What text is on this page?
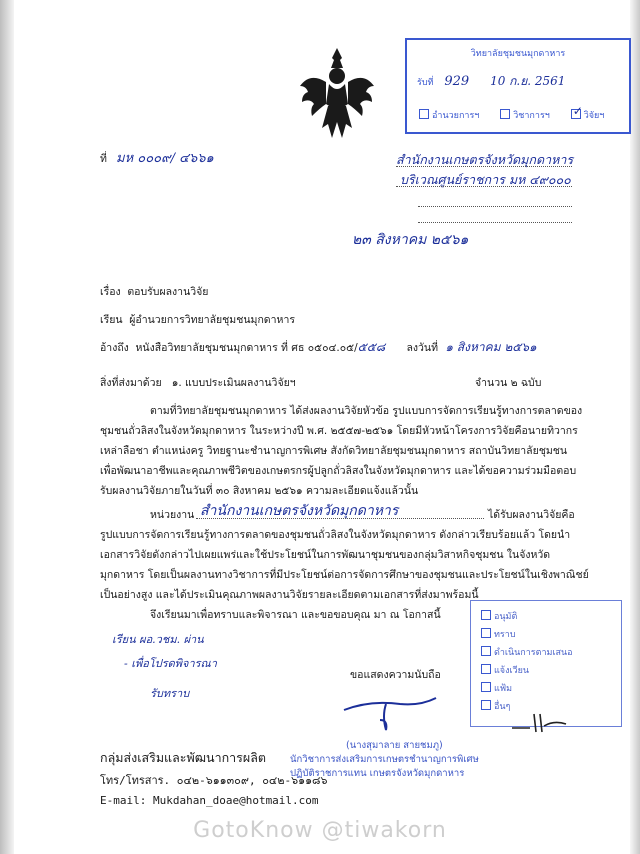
วิทยาลัยชุมชนมุกดาหาร
รับที่ 929 10 ก.ย. 2561
อำนวยการฯ	วิชาการฯ ✓ วิจัยฯ
ที่ มห ๐๐๐๙/ ๔๖๖๑	สำนักงานเกษตรจังหวัดมุกดาหาร
บริเวณศูนย์ราชการ มห ๔๙๐๐๐
๒๓ สิงหาคม ๒๕๖๑
เรื่อง ตอบรับผลงานวิจัย
เรียน ผู้อำนวยการวิทยาลัยชุมชนมุกดาหาร
อ้างถึง หนังสือวิทยาลัยชุมชนมุกดาหาร ที่ ศธ ๐๕๐๔.๐๕/๕๕๘ ลงวันที่ ๑ สิงหาคม ๒๕๖๑
สิ่งที่ส่งมาด้วย ๑. แบบประเมินผลงานวิจัยฯ	จำนวน ๒ ฉบับ
ตามที่วิทยาลัยชุมชนมุกดาหาร ได้ส่งผลงานวิจัยหัวข้อ รูปแบบการจัดการเรียนรู้ทางการตลาดของ
ชุมชนถั่วลิสงในจังหวัดมุกดาหาร ในระหว่างปี พ.ศ. ๒๕๕๗-๒๕๖๑ โดยมีหัวหน้าโครงการวิจัยคือนายทิวากร
เหล่าลือชา ตำแหน่งครู วิทยฐานะชำนาญการพิเศษ สังกัดวิทยาลัยชุมชนมุกดาหาร สถาบันวิทยาลัยชุมชน
เพื่อพัฒนาอาชีพและคุณภาพชีวิตของเกษตรกรผู้ปลูกถั่วลิสงในจังหวัดมุกดาหาร และได้ขอความร่วมมือตอบ
รับผลงานวิจัยภายในวันที่ ๓๐ สิงหาคม ๒๕๖๑ ความละเอียดแจ้งแล้วนั้น
หน่วยงาน สำนักงานเกษตรจังหวัดมุกดาหาร	ได้รับผลงานวิจัยคือ
รูปแบบการจัดการเรียนรู้ทางการตลาดของชุมชนถั่วลิสงในจังหวัดมุกดาหาร ดังกล่าวเรียบร้อยแล้ว โดยนำ
เอกสารวิจัยดังกล่าวไปเผยแพร่และใช้ประโยชน์ในการพัฒนาชุมชนของกลุ่มวิสาหกิจชุมชน ในจังหวัด
มุกดาหาร โดยเป็นผลงานทางวิชาการที่มีประโยชน์ต่อการจัดการศึกษาของชุมชนและประโยชน์ในเชิงพาณิชย์
เป็นอย่างสูง และได้ประเมินคุณภาพผลงานวิจัยรายละเอียดตามเอกสารที่ส่งมาพร้อมนี้
จึงเรียนมาเพื่อทราบและพิจารณา และขอขอบคุณ มา ณ โอกาสนี้
เรียน ผอ.วชม. ผ่าน
- เพื่อโปรดพิจารณา
รับทราบ
ขอแสดงความนับถือ
อนุมัติ
ทราบ
ดำเนินการตามเสนอ
แจ้งเวียน
แฟ้ม
อื่นๆ
(นางสุมาลาย สายชมภู)
นักวิชาการส่งเสริมการเกษตรชำนาญการพิเศษ
ปฏิบัติราชการแทน เกษตรจังหวัดมุกดาหาร
กลุ่มส่งเสริมและพัฒนาการผลิต
โทร/โทรสาร. ๐๔๒-๖๑๑๓๐๙, ๐๔๒-๖๑๑๘๖
E-mail: Mukdahan_doae@hotmail.com
GotoKnow @tiwakorn
